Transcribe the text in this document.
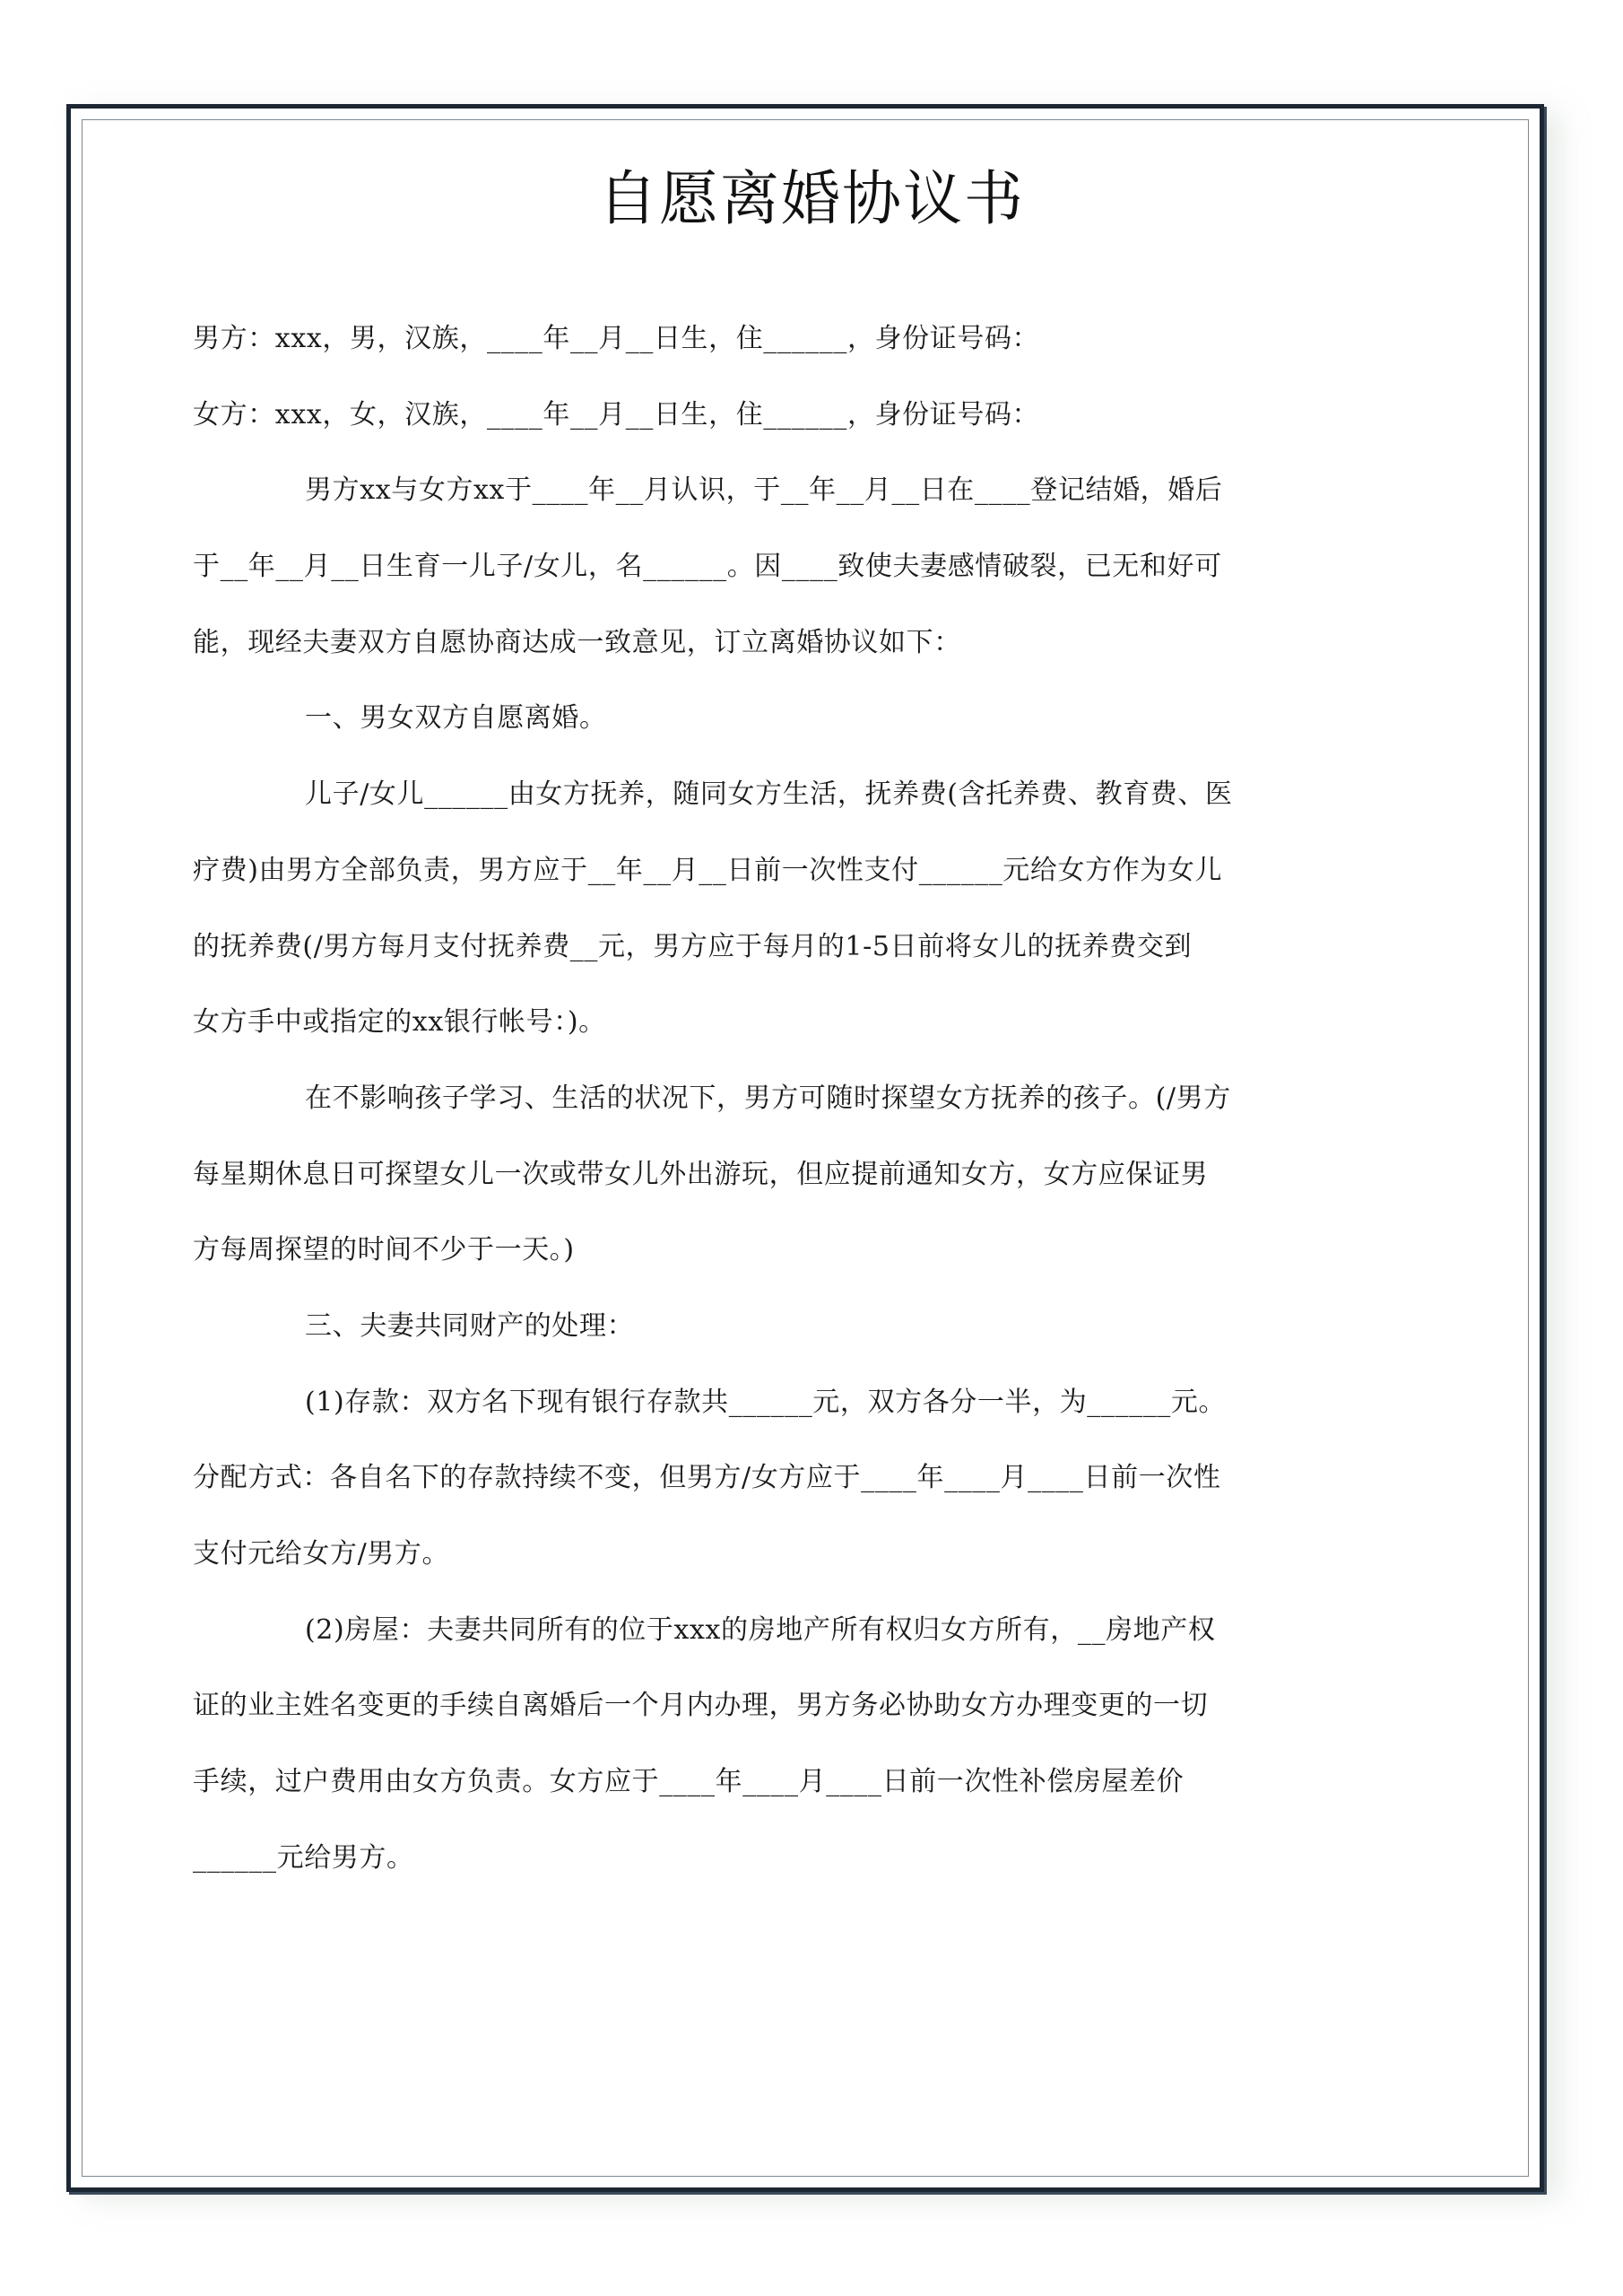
自愿离婚协议书
男方：xxx，男，汉族，____年__月__日生，住______，身份证号码：
女方：xxx，女，汉族，____年__月__日生，住______，身份证号码：
男方xx与女方xx于____年__月认识，于__年__月__日在____登记结婚，婚后
于__年__月__日生育一儿子/女儿，名______。因____致使夫妻感情破裂，已无和好可
能，现经夫妻双方自愿协商达成一致意见，订立离婚协议如下：
一、男女双方自愿离婚。
儿子/女儿______由女方抚养，随同女方生活，抚养费(含托养费、教育费、医
疗费)由男方全部负责，男方应于__年__月__日前一次性支付______元给女方作为女儿
的抚养费(/男方每月支付抚养费__元，男方应于每月的1-5日前将女儿的抚养费交到
女方手中或指定的xx银行帐号：)。
在不影响孩子学习、生活的状况下，男方可随时探望女方抚养的孩子。(/男方
每星期休息日可探望女儿一次或带女儿外出游玩，但应提前通知女方，女方应保证男
方每周探望的时间不少于一天。)
三、夫妻共同财产的处理：
(1)存款：双方名下现有银行存款共______元，双方各分一半，为______元。
分配方式：各自名下的存款持续不变，但男方/女方应于____年____月____日前一次性
支付元给女方/男方。
(2)房屋：夫妻共同所有的位于xxx的房地产所有权归女方所有，__房地产权
证的业主姓名变更的手续自离婚后一个月内办理，男方务必协助女方办理变更的一切
手续，过户费用由女方负责。女方应于____年____月____日前一次性补偿房屋差价
______元给男方。
